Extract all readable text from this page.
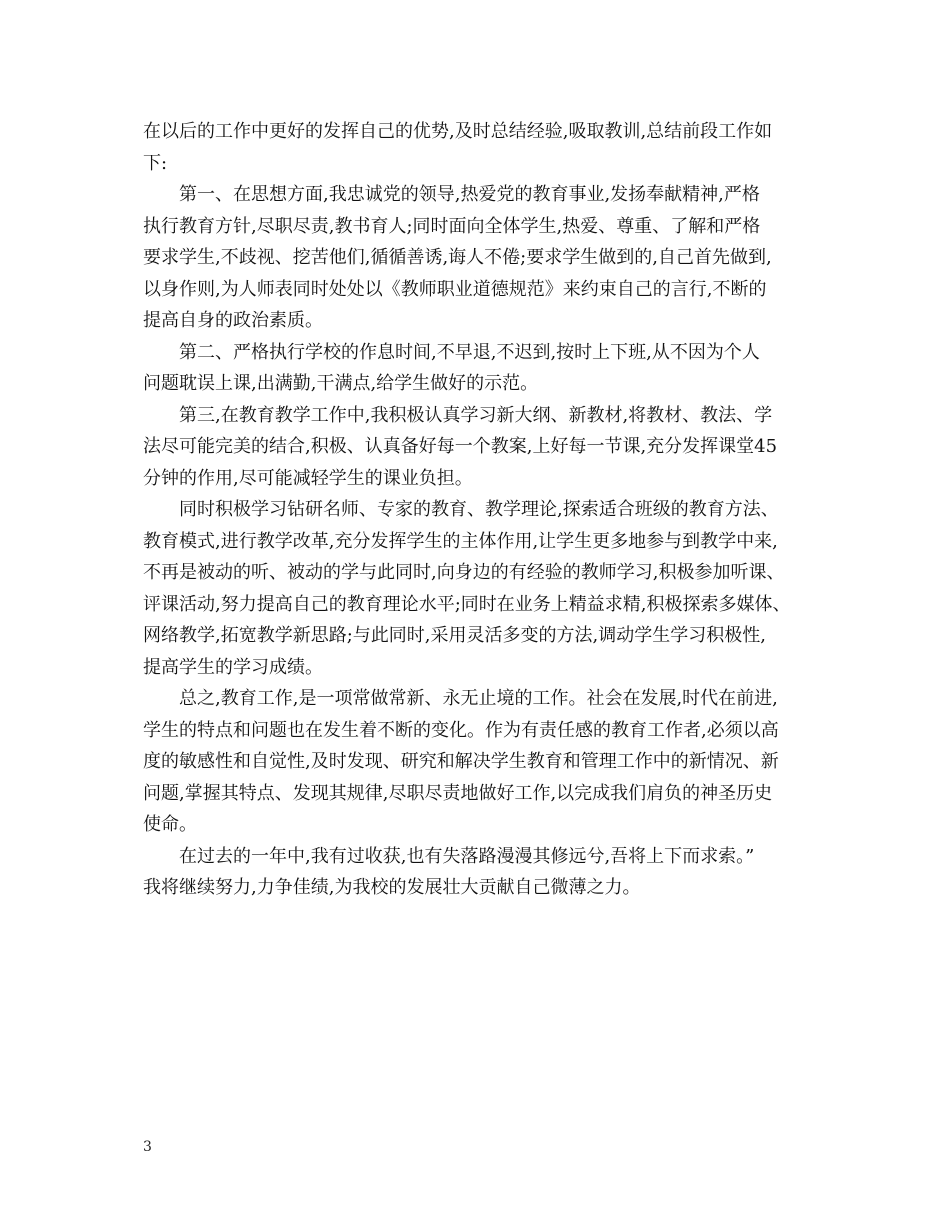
在以后的工作中更好的发挥自己的优势,及时总结经验,吸取教训,总结前段工作如
下:
第一、在思想方面,我忠诚党的领导,热爱党的教育事业,发扬奉献精神,严格
执行教育方针,尽职尽责,教书育人;同时面向全体学生,热爱、尊重、了解和严格
要求学生,不歧视、挖苦他们,循循善诱,诲人不倦;要求学生做到的,自己首先做到,
以身作则,为人师表同时处处以《教师职业道德规范》来约束自己的言行,不断的
提高自身的政治素质。
第二、严格执行学校的作息时间,不早退,不迟到,按时上下班,从不因为个人
问题耽误上课,出满勤,干满点,给学生做好的示范。
第三,在教育教学工作中,我积极认真学习新大纲、新教材,将教材、教法、学
法尽可能完美的结合,积极、认真备好每一个教案,上好每一节课,充分发挥课堂45
分钟的作用,尽可能减轻学生的课业负担。
同时积极学习钻研名师、专家的教育、教学理论,探索适合班级的教育方法、
教育模式,进行教学改革,充分发挥学生的主体作用,让学生更多地参与到教学中来,
不再是被动的听、被动的学与此同时,向身边的有经验的教师学习,积极参加听课、
评课活动,努力提高自己的教育理论水平;同时在业务上精益求精,积极探索多媒体、
网络教学,拓宽教学新思路;与此同时,采用灵活多变的方法,调动学生学习积极性,
提高学生的学习成绩。
总之,教育工作,是一项常做常新、永无止境的工作。社会在发展,时代在前进,
学生的特点和问题也在发生着不断的变化。作为有责任感的教育工作者,必须以高
度的敏感性和自觉性,及时发现、研究和解决学生教育和管理工作中的新情况、新
问题,掌握其特点、发现其规律,尽职尽责地做好工作,以完成我们肩负的神圣历史
使命。
在过去的一年中,我有过收获,也有失落路漫漫其修远兮,吾将上下而求索。”
我将继续努力,力争佳绩,为我校的发展壮大贡献自己微薄之力。
3
